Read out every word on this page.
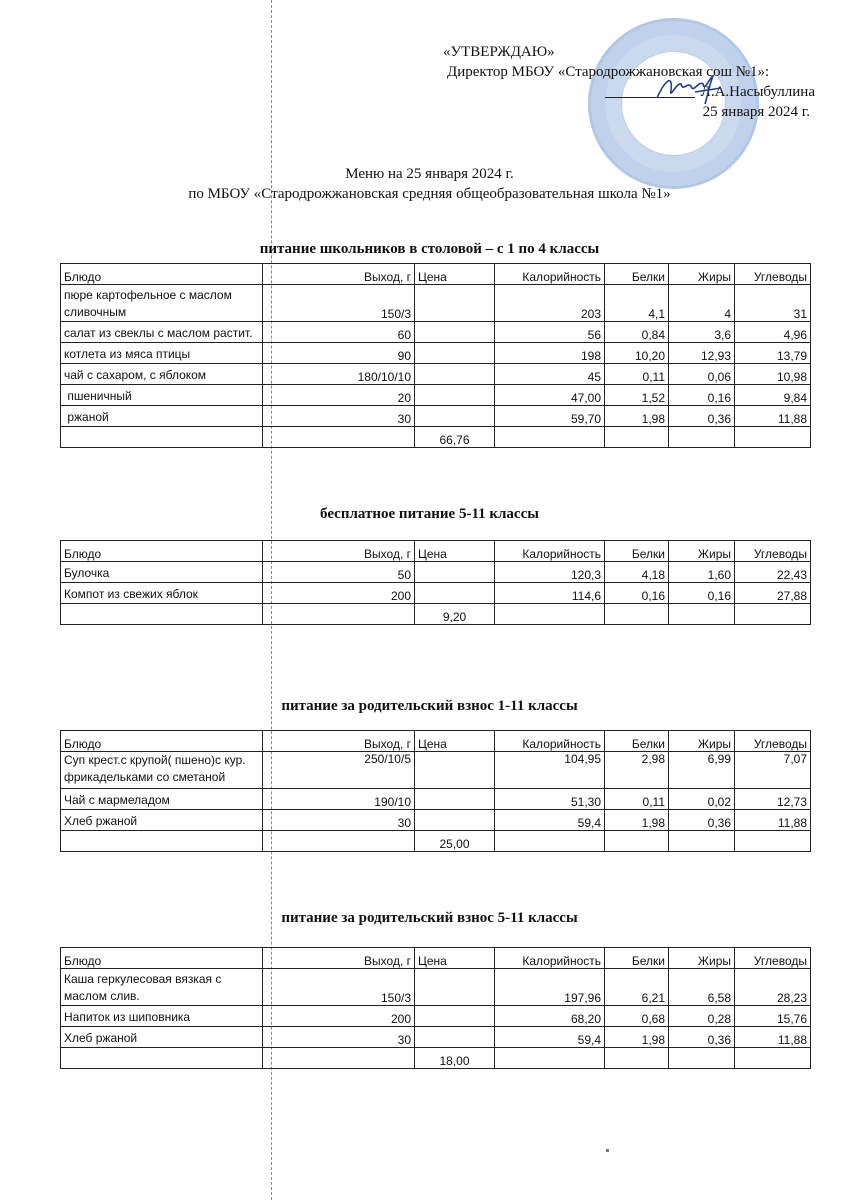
«УТВЕРЖДАЮ»
Директор МБОУ «Стародрожжановская сош №1»:
Л.А.Насыбуллина
25 января 2024 г.
Меню на 25 января 2024 г.
по МБОУ «Стародрожжановская средняя общеобразовательная школа №1»
питание школьников в столовой – с 1 по 4 классы
Блюдо	Выход, г	Цена	Калорийность	Белки	Жиры	Углеводы
пюре картофельное с маслом сливочным	150/3		203	4,1	4	31
салат из свеклы с маслом растит.	60		56	0,84	3,6	4,96
котлета из мяса птицы	90		198	10,20	12,93	13,79
чай с сахаром, с яблоком	180/10/10		45	0,11	0,06	10,98
пшеничный	20		47,00	1,52	0,16	9,84
ржаной	30		59,70	1,98	0,36	11,88
		66,76				
бесплатное питание 5-11 классы
Блюдо	Выход, г	Цена	Калорийность	Белки	Жиры	Углеводы
Булочка	50		120,3	4,18	1,60	22,43
Компот из свежих яблок	200		114,6	0,16	0,16	27,88
		9,20				
питание за родительский взнос 1-11 классы
Блюдо	Выход, г	Цена	Калорийность	Белки	Жиры	Углеводы
Суп крест.с крупой( пшено)с кур. фрикадельками со сметаной	250/10/5		104,95	2,98	6,99	7,07
Чай с мармеладом	190/10		51,30	0,11	0,02	12,73
Хлеб ржаной	30		59,4	1,98	0,36	11,88
		25,00				
питание за родительский взнос 5-11 классы
Блюдо	Выход, г	Цена	Калорийность	Белки	Жиры	Углеводы
Каша геркулесовая вязкая с маслом слив.	150/3		197,96	6,21	6,58	28,23
Напиток из шиповника	200		68,20	0,68	0,28	15,76
Хлеб ржаной	30		59,4	1,98	0,36	11,88
		18,00				
